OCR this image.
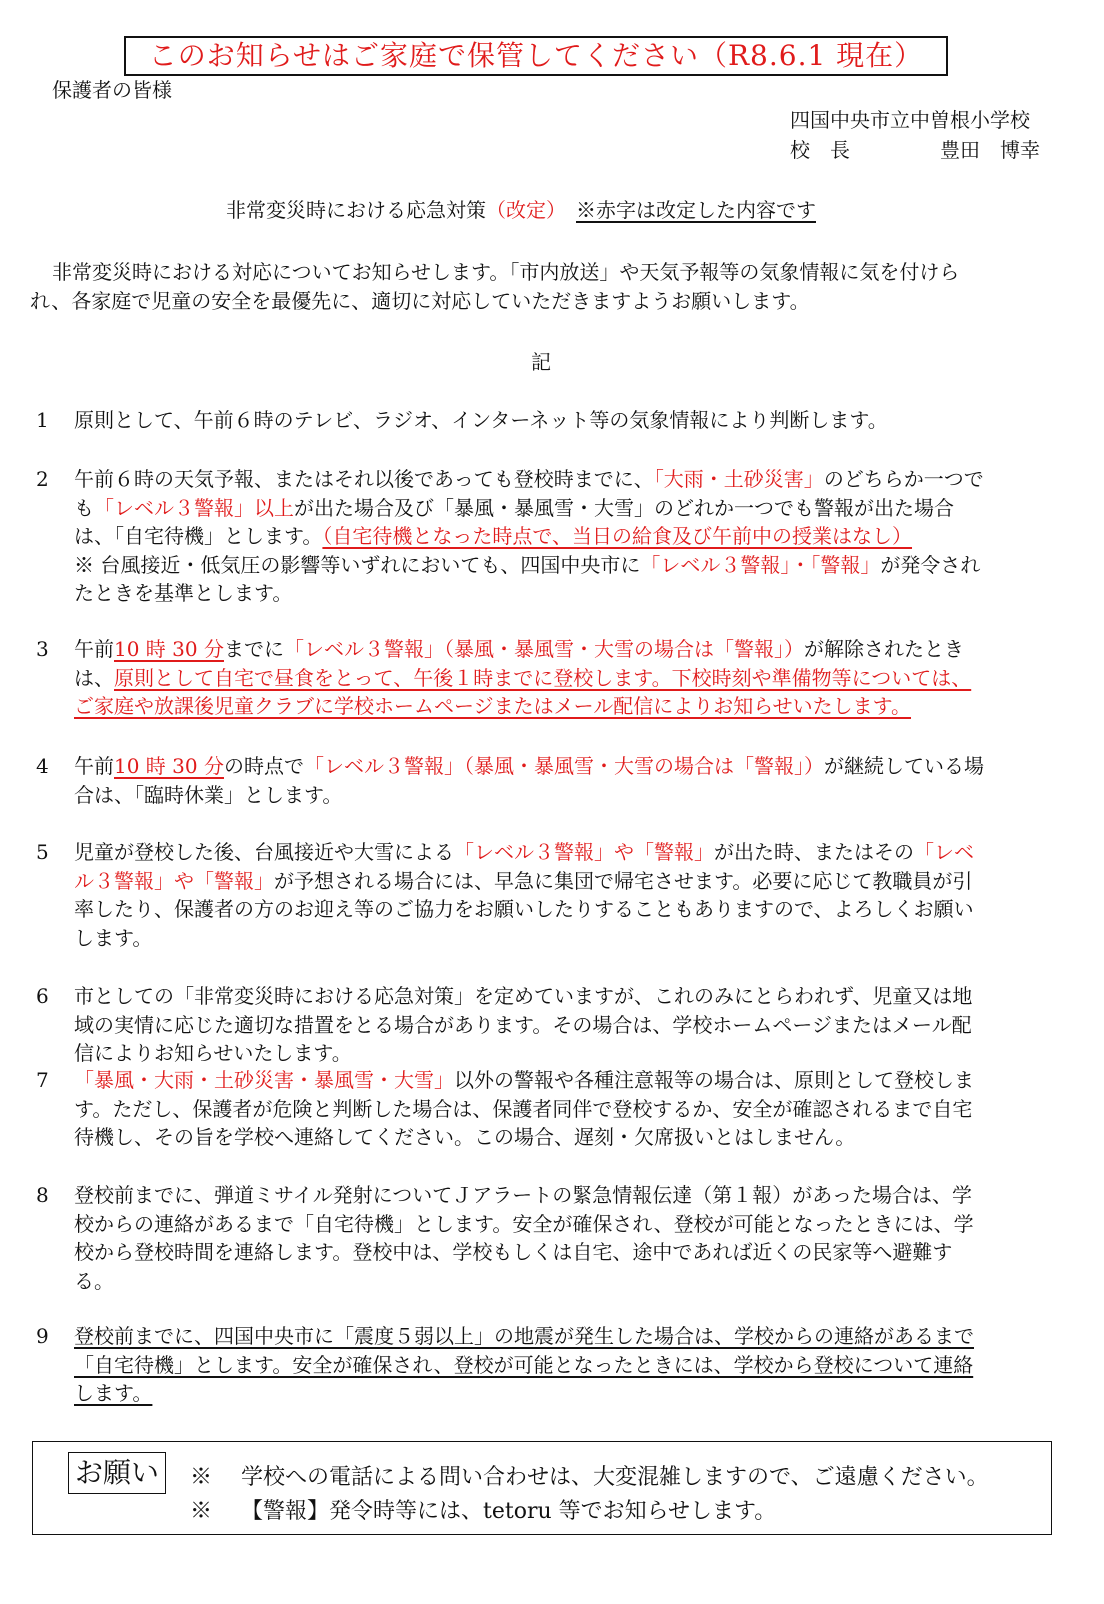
このお知らせはご家庭で保管してください（R8.6.1 現在）
保護者の皆様
四国中央市立中曽根小学校
校　長	豊田　博幸
非常変災時における応急対策（改定）　 ※赤字は改定した内容です
非常変災時における対応についてお知らせします。「市内放送」や天気予報等の気象情報に気を付けら
れ、各家庭で児童の安全を最優先に、適切に対応していただきますようお願いします。
記
1	原則として、午前６時のテレビ、ラジオ、インターネット等の気象情報により判断します。
2	午前６時の天気予報、またはそれ以後であっても登校時までに、「大雨・土砂災害」のどちらか一つで
も「レベル３警報」以上が出た場合及び「暴風・暴風雪・大雪」のどれか一つでも警報が出た場合
は、「自宅待機」とします。（自宅待機となった時点で、当日の給食及び午前中の授業はなし）
※ 台風接近・低気圧の影響等いずれにおいても、四国中央市に「レベル３警報」・「警報」が発令され
たときを基準とします。
3	午前10 時 30 分までに「レベル３警報」（暴風・暴風雪・大雪の場合は「警報」）が解除されたとき
は、原則として自宅で昼食をとって、午後１時までに登校します。下校時刻や準備物等については、
ご家庭や放課後児童クラブに学校ホームページまたはメール配信によりお知らせいたします。
4	午前10 時 30 分の時点で「レベル３警報」（暴風・暴風雪・大雪の場合は「警報」）が継続している場
合は、「臨時休業」とします。
5	児童が登校した後、台風接近や大雪による「レベル３警報」や「警報」が出た時、またはその「レベ
ル３警報」や「警報」が予想される場合には、早急に集団で帰宅させます。必要に応じて教職員が引
率したり、保護者の方のお迎え等のご協力をお願いしたりすることもありますので、よろしくお願い
します。
6	市としての「非常変災時における応急対策」を定めていますが、これのみにとらわれず、児童又は地
域の実情に応じた適切な措置をとる場合があります。その場合は、学校ホームページまたはメール配
信によりお知らせいたします。
7	「暴風・大雨・土砂災害・暴風雪・大雪」以外の警報や各種注意報等の場合は、原則として登校しま
す。ただし、保護者が危険と判断した場合は、保護者同伴で登校するか、安全が確認されるまで自宅
待機し、その旨を学校へ連絡してください。この場合、遅刻・欠席扱いとはしません。
8	登校前までに、弾道ミサイル発射についてＪアラートの緊急情報伝達（第１報）があった場合は、学
校からの連絡があるまで「自宅待機」とします。安全が確保され、登校が可能となったときには、学
校から登校時間を連絡します。登校中は、学校もしくは自宅、途中であれば近くの民家等へ避難す
る。
9	登校前までに、四国中央市に「震度５弱以上」の地震が発生した場合は、学校からの連絡があるまで
「自宅待機」とします。安全が確保され、登校が可能となったときには、学校から登校について連絡
します。
お願い	※　 学校への電話による問い合わせは、大変混雑しますので、ご遠慮ください。
※　 【警報】発令時等には、tetoru 等でお知らせします。
